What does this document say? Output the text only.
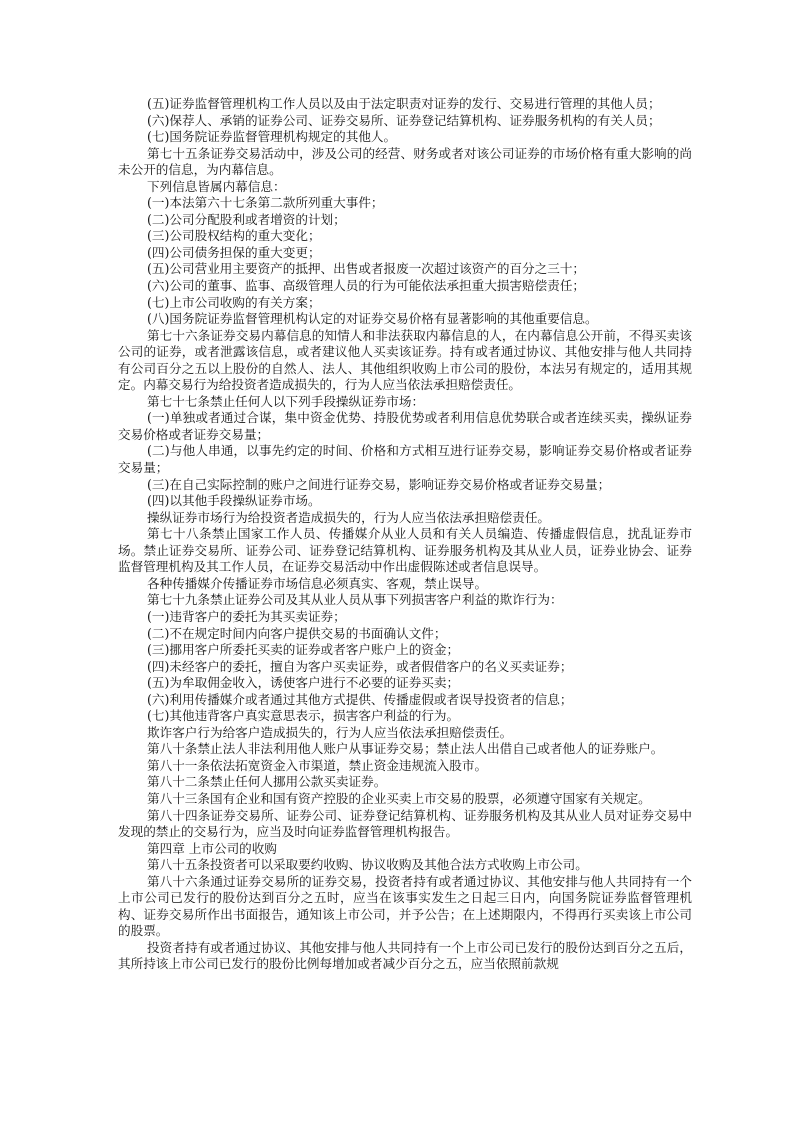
(五)证券监督管理机构工作人员以及由于法定职责对证券的发行、交易进行管理的其他人员；

(六)保荐人、承销的证券公司、证券交易所、证券登记结算机构、证券服务机构的有关人员；

(七)国务院证券监督管理机构规定的其他人。

第七十五条证券交易活动中，涉及公司的经营、财务或者对该公司证券的市场价格有重大影响的尚未公开的信息，为内幕信息。

下列信息皆属内幕信息：

(一)本法第六十七条第二款所列重大事件；

(二)公司分配股利或者增资的计划；

(三)公司股权结构的重大变化；

(四)公司债务担保的重大变更；

(五)公司营业用主要资产的抵押、出售或者报废一次超过该资产的百分之三十；

(六)公司的董事、监事、高级管理人员的行为可能依法承担重大损害赔偿责任；

(七)上市公司收购的有关方案；

(八)国务院证券监督管理机构认定的对证券交易价格有显著影响的其他重要信息。

第七十六条证券交易内幕信息的知情人和非法获取内幕信息的人，在内幕信息公开前，不得买卖该公司的证券，或者泄露该信息，或者建议他人买卖该证券。持有或者通过协议、其他安排与他人共同持有公司百分之五以上股份的自然人、法人、其他组织收购上市公司的股份，本法另有规定的，适用其规定。内幕交易行为给投资者造成损失的，行为人应当依法承担赔偿责任。

第七十七条禁止任何人以下列手段操纵证券市场：

(一)单独或者通过合谋，集中资金优势、持股优势或者利用信息优势联合或者连续买卖，操纵证券交易价格或者证券交易量；

(二)与他人串通，以事先约定的时间、价格和方式相互进行证券交易，影响证券交易价格或者证券交易量；

(三)在自己实际控制的账户之间进行证券交易，影响证券交易价格或者证券交易量；

(四)以其他手段操纵证券市场。

操纵证券市场行为给投资者造成损失的，行为人应当依法承担赔偿责任。

第七十八条禁止国家工作人员、传播媒介从业人员和有关人员编造、传播虚假信息，扰乱证券市场。禁止证券交易所、证券公司、证券登记结算机构、证券服务机构及其从业人员，证券业协会、证券监督管理机构及其工作人员，在证券交易活动中作出虚假陈述或者信息误导。

各种传播媒介传播证券市场信息必须真实、客观，禁止误导。

第七十九条禁止证券公司及其从业人员从事下列损害客户利益的欺诈行为：

(一)违背客户的委托为其买卖证券；

(二)不在规定时间内向客户提供交易的书面确认文件；

(三)挪用客户所委托买卖的证券或者客户账户上的资金；

(四)未经客户的委托，擅自为客户买卖证券，或者假借客户的名义买卖证券；

(五)为牟取佣金收入，诱使客户进行不必要的证券买卖；

(六)利用传播媒介或者通过其他方式提供、传播虚假或者误导投资者的信息；

(七)其他违背客户真实意思表示，损害客户利益的行为。

欺诈客户行为给客户造成损失的，行为人应当依法承担赔偿责任。

第八十条禁止法人非法利用他人账户从事证券交易；禁止法人出借自己或者他人的证券账户。

第八十一条依法拓宽资金入市渠道，禁止资金违规流入股市。

第八十二条禁止任何人挪用公款买卖证券。

第八十三条国有企业和国有资产控股的企业买卖上市交易的股票，必须遵守国家有关规定。

第八十四条证券交易所、证券公司、证券登记结算机构、证券服务机构及其从业人员对证券交易中发现的禁止的交易行为，应当及时向证券监督管理机构报告。

第四章 上市公司的收购

第八十五条投资者可以采取要约收购、协议收购及其他合法方式收购上市公司。

第八十六条通过证券交易所的证券交易，投资者持有或者通过协议、其他安排与他人共同持有一个上市公司已发行的股份达到百分之五时，应当在该事实发生之日起三日内，向国务院证券监督管理机构、证券交易所作出书面报告，通知该上市公司，并予公告；在上述期限内，不得再行买卖该上市公司的股票。

投资者持有或者通过协议、其他安排与他人共同持有一个上市公司已发行的股份达到百分之五后，其所持该上市公司已发行的股份比例每增加或者减少百分之五，应当依照前款规
